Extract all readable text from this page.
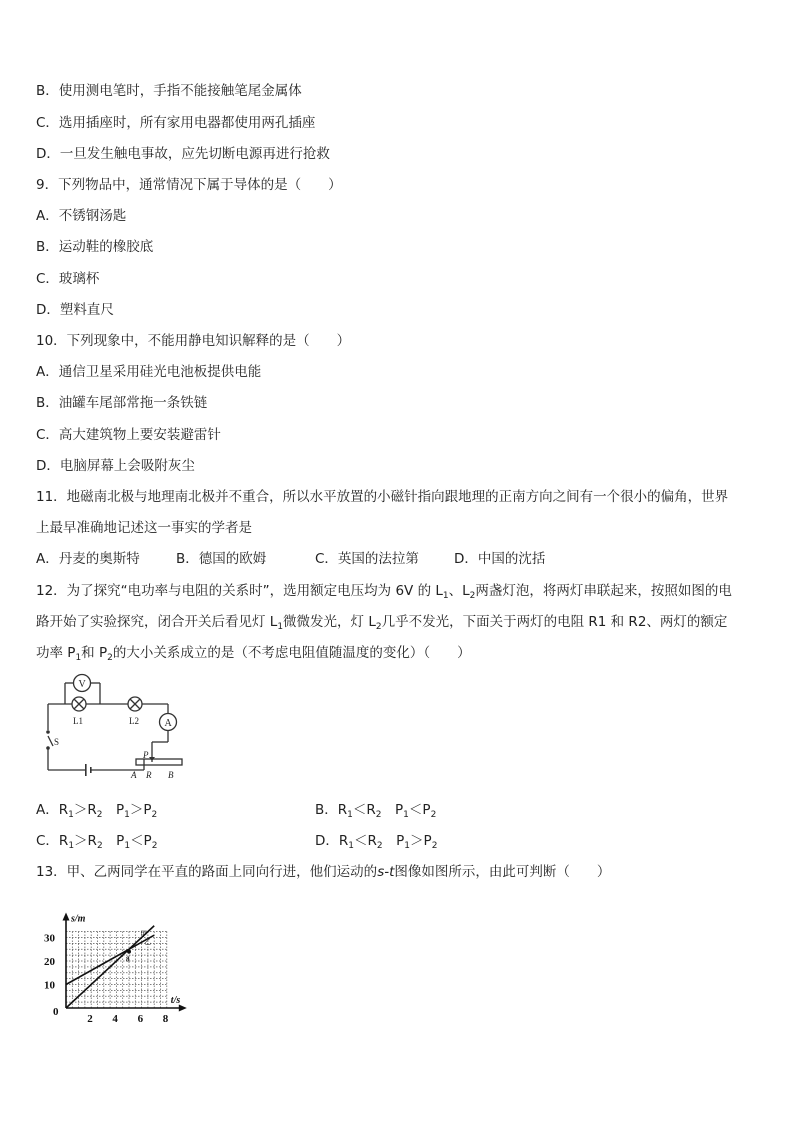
B．使用测电笔时，手指不能接触笔尾金属体
C．选用插座时，所有家用电器都使用两孔插座
D．一旦发生触电事故，应先切断电源再进行抢救
9．下列物品中，通常情况下属于导体的是（　　）
A．不锈钢汤匙
B．运动鞋的橡胶底
C．玻璃杯
D．塑料直尺
10．下列现象中，不能用静电知识解释的是（　　）
A．通信卫星采用硅光电池板提供电能
B．油罐车尾部常拖一条铁链
C．高大建筑物上要安装避雷针
D．电脑屏幕上会吸附灰尘
11．地磁南北极与地理南北极并不重合，所以水平放置的小磁针指向跟地理的正南方向之间有一个很小的偏角，世界
上最早准确地记述这一事实的学者是
A．丹麦的奥斯特	B．德国的欧姆	C．英国的法拉第	D．中国的沈括
12．为了探究“电功率与电阻的关系时”，选用额定电压均为 6V 的 $L_1$、$L_2$两盏灯泡，将两灯串联起来，按照如图的电
路开始了实验探究，闭合开关后看见灯 $L_1$微微发光，灯 $L_2$几乎不发光，下面关于两灯的电阻 R1 和 R2、两灯的额定
功率 $P_1$和 $P_2$的大小关系成立的是（不考虑电阻值随温度的变化）（　　）
V
A
L1	L2
S
P
A R B
A．$R_1>R_2$　$P_1>P_2$	B．$R_1<R_2$　$P_1<P_2$
C．$R_1>R_2$　$P_1<P_2$	D．$R_1<R_2$　$P_1>P_2$
13．甲、乙两同学在平直的路面上同向行进，他们运动的s-t图像如图所示，由此可判断（　　）
2 4 6 8
10
20
30
0
t/s
s/m
甲
乙
8
